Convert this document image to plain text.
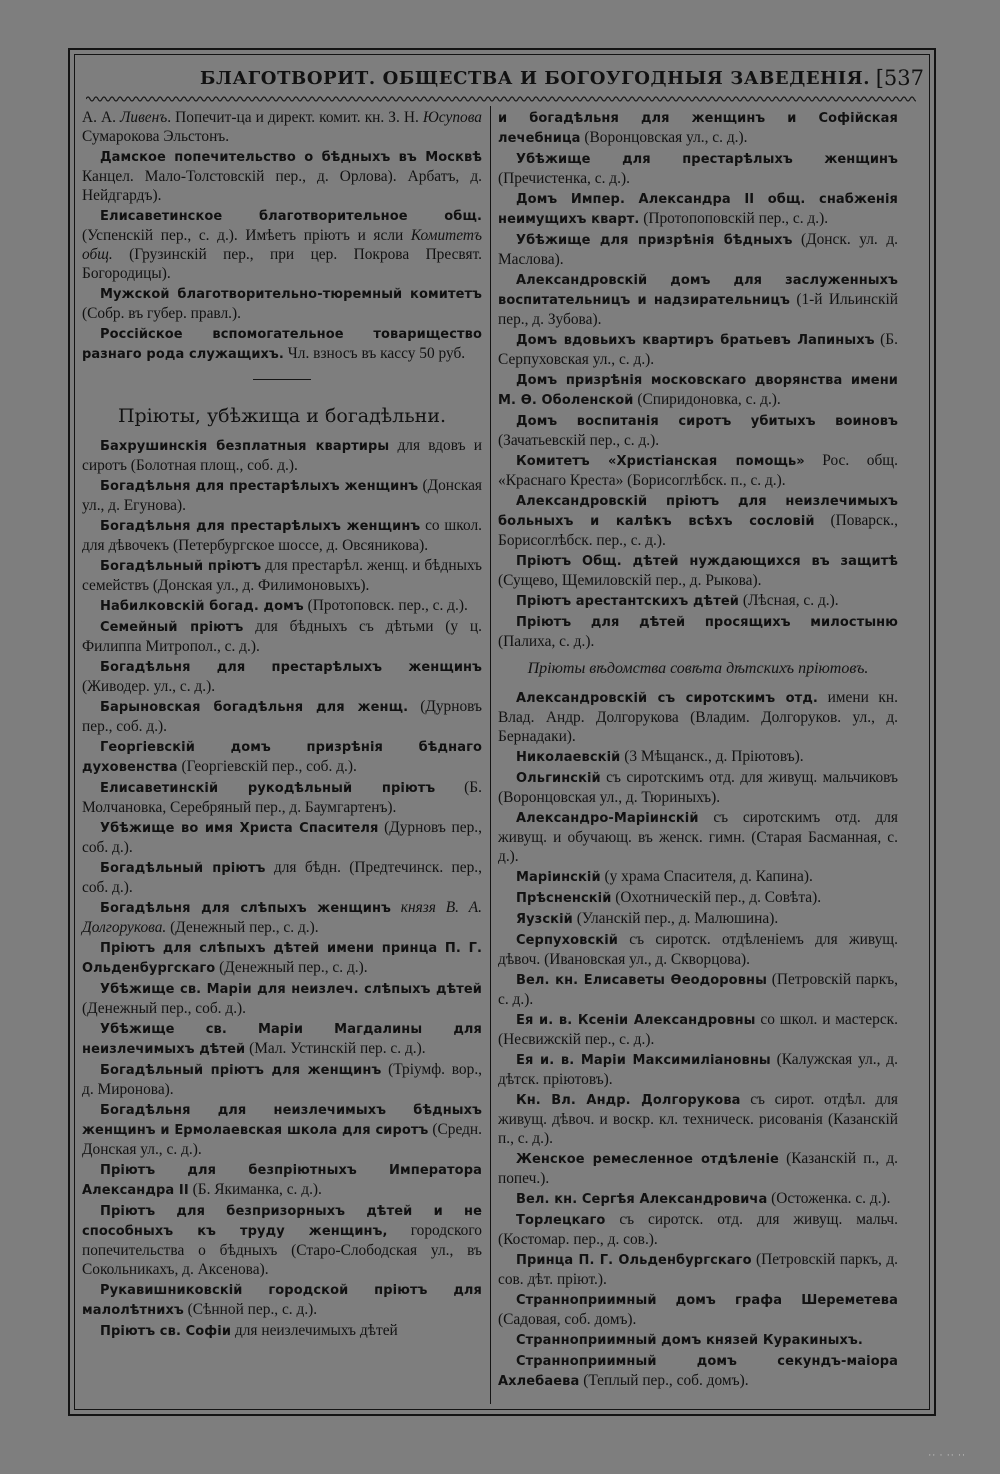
БЛАГОТВОРИТ. ОБЩЕСТВА И БОГОУГОДНЫЯ ЗАВЕДЕНІЯ. [537
А. А. Ливенъ. Попечит-ца и директ. комит. кн. З. Н. Юсупова Сумарокова Эльстонъ.
Дамское попечительство о бѣдныхъ въ Москвѣ Канцел. Мало-Толстовскій пер., д. Орлова). Арбатъ, д. Нейдгардъ).
Елисаветинское благотворительное общ. (Успенскій пер., с. д.). Имѣетъ пріютъ и ясли Комитетъ общ. (Грузинскій пер., при цер. Покрова Пресвят. Богородицы).
Мужской благотворительно-тюремный комитетъ (Собр. въ губер. правл.).
Россійское вспомогательное товарищество разнаго рода служащихъ. Чл. взносъ въ кассу 50 руб.
Пріюты, убѣжища и богадѣльни.
Бахрушинскія безплатныя квартиры для вдовъ и сиротъ (Болотная площ., соб. д.).
Богадѣльня для престарѣлыхъ женщинъ (Донская ул., д. Егунова).
Богадѣльня для престарѣлыхъ женщинъ со школ. для дѣвочекъ (Петербургское шоссе, д. Овсяникова).
Богадѣльный пріютъ для престарѣл. женщ. и бѣдныхъ семействъ (Донская ул., д. Филимоновыхъ).
Набилковскій богад. домъ (Протоповск. пер., с. д.).
Семейный пріютъ для бѣдныхъ съ дѣтьми (у ц. Филиппа Митропол., с. д.).
Богадѣльня для престарѣлыхъ женщинъ (Живодер. ул., с. д.).
Барыновская богадѣльня для женщ. (Дурновъ пер., соб. д.).
Георгіевскій домъ призрѣнія бѣднаго духовенства (Георгіевскій пер., соб. д.).
Елисаветинскій рукодѣльный пріютъ (Б. Молчановка, Серебряный пер., д. Баумгартенъ).
Убѣжище во имя Христа Спасителя (Дурновъ пер., соб. д.).
Богадѣльный пріютъ для бѣдн. (Предтечинск. пер., соб. д.).
Богадѣльня для слѣпыхъ женщинъ князя В. А. Долгорукова. (Денежный пер., с. д.).
Пріютъ для слѣпыхъ дѣтей имени принца П. Г. Ольденбургскаго (Денежный пер., с. д.).
Убѣжище св. Маріи для неизлеч. слѣпыхъ дѣтей (Денежный пер., соб. д.).
Убѣжище св. Маріи Магдалины для неизлечимыхъ дѣтей (Мал. Устинскій пер. с. д.).
Богадѣльный пріютъ для женщинъ (Тріумф. вор., д. Миронова).
Богадѣльня для неизлечимыхъ бѣдныхъ женщинъ и Ермолаевская школа для сиротъ (Средн. Донская ул., с. д.).
Пріютъ для безпріютныхъ Императора Александра II (Б. Якиманка, с. д.).
Пріютъ для безпризорныхъ дѣтей и не способныхъ къ труду женщинъ, городского попечительства о бѣдныхъ (Старо-Слободская ул., въ Сокольникахъ, д. Аксенова).
Рукавишниковскій городской пріютъ для малолѣтнихъ (Сѣнной пер., с. д.).
Пріютъ св. Софіи для неизлечимыхъ дѣтей
и богадѣльня для женщинъ и Софійская лечебница (Воронцовская ул., с. д.).
Убѣжище для престарѣлыхъ женщинъ (Пречистенка, с. д.).
Домъ Импер. Александра II общ. снабженія неимущихъ кварт. (Протопоповскій пер., с. д.).
Убѣжище для призрѣнія бѣдныхъ (Донск. ул. д. Маслова).
Александровскій домъ для заслуженныхъ воспитательницъ и надзирательницъ (1-й Ильинскій пер., д. Зубова).
Домъ вдовьихъ квартиръ братьевъ Лапиныхъ (Б. Серпуховская ул., с. д.).
Домъ призрѣнія московскаго дворянства имени М. Ѳ. Оболенской (Спиридоновка, с. д.).
Домъ воспитанія сиротъ убитыхъ воиновъ (Зачатьевскій пер., с. д.).
Комитетъ «Христіанская помощь» Рос. общ. «Краснаго Креста» (Борисоглѣбск. п., с. д.).
Александровскій пріютъ для неизлечимыхъ больныхъ и калѣкъ всѣхъ сословій (Поварск., Борисоглѣбск. пер., с. д.).
Пріютъ Общ. дѣтей нуждающихся въ защитѣ (Сущево, Щемиловскій пер., д. Рыкова).
Пріютъ арестантскихъ дѣтей (Лѣсная, с. д.).
Пріютъ для дѣтей просящихъ милостыню (Палиха, с. д.).
Пріюты вѣдомства совѣта дѣтскихъ пріютовъ.
Александровскій съ сиротскимъ отд. имени кн. Влад. Андр. Долгорукова (Владим. Долгоруков. ул., д. Бернадаки).
Николаевскій (3 Мѣщанск., д. Пріютовъ).
Ольгинскій съ сиротскимъ отд. для живущ. мальчиковъ (Воронцовская ул., д. Тюриныхъ).
Александро-Маріинскій съ сиротскимъ отд. для живущ. и обучающ. въ женск. гимн. (Старая Басманная, с. д.).
Маріинскій (у храма Спасителя, д. Капина).
Прѣсненскій (Охотническій пер., д. Совѣта).
Яузскій (Уланскій пер., д. Малюшина).
Серпуховскій съ сиротск. отдѣленіемъ для живущ. дѣвоч. (Ивановская ул., д. Скворцова).
Вел. кн. Елисаветы Ѳеодоровны (Петровскій паркъ, с. д.).
Ея и. в. Ксеніи Александровны со школ. и мастерск. (Несвижскій пер., с. д.).
Ея и. в. Маріи Максимиліановны (Калужская ул., д. дѣтск. пріютовъ).
Кн. Вл. Андр. Долгорукова съ сирот. отдѣл. для живущ. дѣвоч. и воскр. кл. техническ. рисованія (Казанскій п., с. д.).
Женское ремесленное отдѣленіе (Казанскій п., д. попеч.).
Вел. кн. Сергѣя Александровича (Остоженка. с. д.).
Торлецкаго съ сиротск. отд. для живущ. мальч. (Костомар. пер., д. сов.).
Принца П. Г. Ольденбургскаго (Петровскій паркъ, д. сов. дѣт. пріют.).
Странноприимный домъ графа Шереметева (Садовая, соб. домъ).
Странноприимный домъ князей Куракиныхъ.
Странноприимный домъ секундъ-маіора Ахлебаева (Теплый пер., соб. домъ).
·· · ·· ··
